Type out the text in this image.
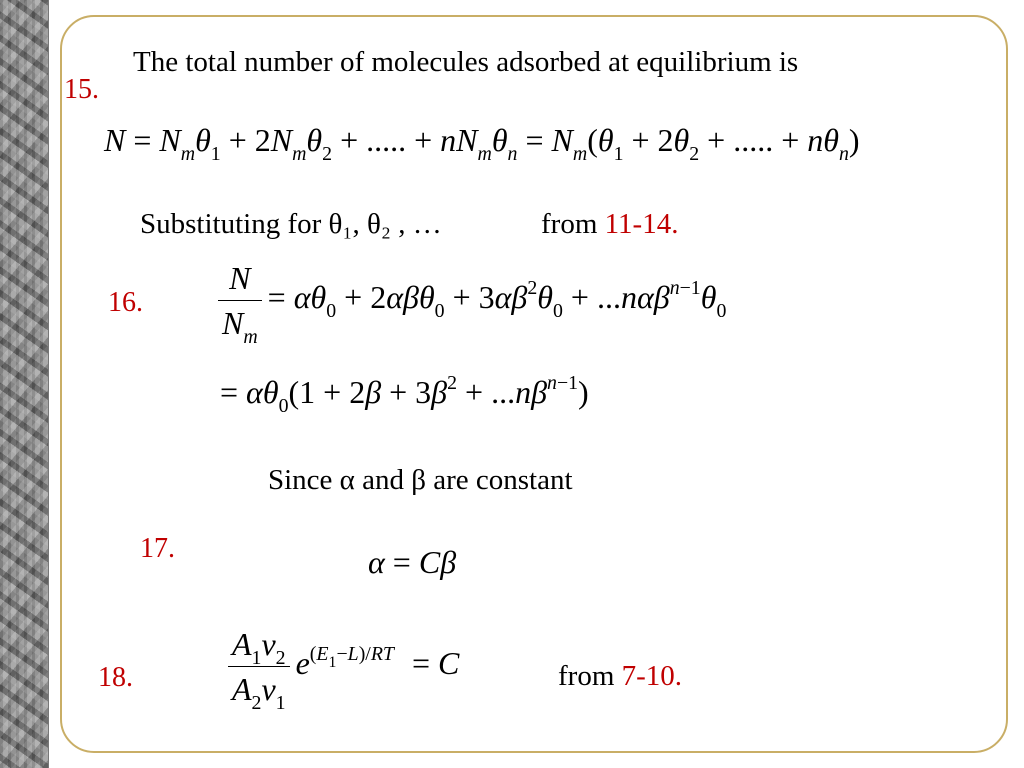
The total number of molecules adsorbed at equilibrium is
15.
$N = N_m\theta_1 + 2N_m\theta_2$ + ..... + $nN_m\theta_n = N_m(\theta_1 + 2\theta_2$ + ..... + $n\theta_n$)
Substituting for θ₁, θ₂ , …	from 11-14.
16. $\frac{N}{N_m} = \alpha\theta_0 + 2\alpha\beta\theta_0 + 3\alpha\beta^2\theta_0 + ...n\alpha\beta^{n-1}\theta_0$
= $\alpha\theta_0(1 + 2\beta + 3\beta^2 + ...n\beta^{n-1})$
Since α and β are constant
17.	α = Cβ
18.	$\frac{A_1\nu_2}{A_2\nu_1} e^{(E_1-L)/RT} = C$	from 7-10.
